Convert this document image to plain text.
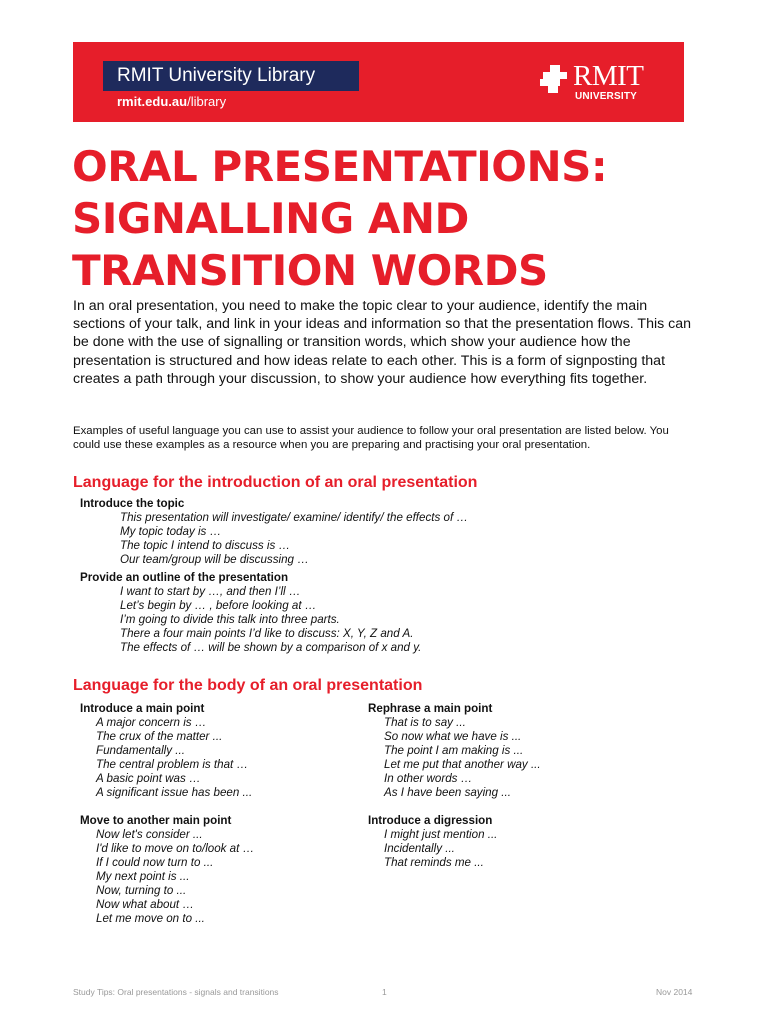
RMIT University Library
rmit.edu.au/library
RMIT
UNIVERSITY
ORAL PRESENTATIONS:
SIGNALLING AND
TRANSITION WORDS

In an oral presentation, you need to make the topic clear to your audience, identify the main sections of your talk, and link in your ideas and information so that the presentation flows. This can be done with the use of signalling or transition words, which show your audience how the presentation is structured and how ideas relate to each other. This is a form of signposting that creates a path through your discussion, to show your audience how everything fits together.

Examples of useful language you can use to assist your audience to follow your oral presentation are listed below. You could use these examples as a resource when you are preparing and practising your oral presentation.

Language for the introduction of an oral presentation
Introduce the topic
This presentation will investigate/ examine/ identify/ the effects of …
My topic today is …
The topic I intend to discuss is …
Our team/group will be discussing …
Provide an outline of the presentation
I want to start by …, and then I’ll …
Let’s begin by … , before looking at …
I’m going to divide this talk into three parts.
There a four main points I’d like to discuss: X, Y, Z and A.
The effects of … will be shown by a comparison of x and y.
Language for the body of an oral presentation
Introduce a main point
A major concern is …
The crux of the matter ...
Fundamentally ...
The central problem is that …
A basic point was …
A significant issue has been ...
Rephrase a main point
That is to say ...
So now what we have is ...
The point I am making is ...
Let me put that another way ...
In other words …
As I have been saying ...
Move to another main point
Now let's consider ...
I'd like to move on to/look at …
If I could now turn to ...
My next point is ...
Now, turning to ...
Now what about …
Let me move on to ...
Introduce a digression
I might just mention ...
Incidentally ...
That reminds me ...
Study Tips: Oral presentations - signals and transitions	1	Nov 2014
